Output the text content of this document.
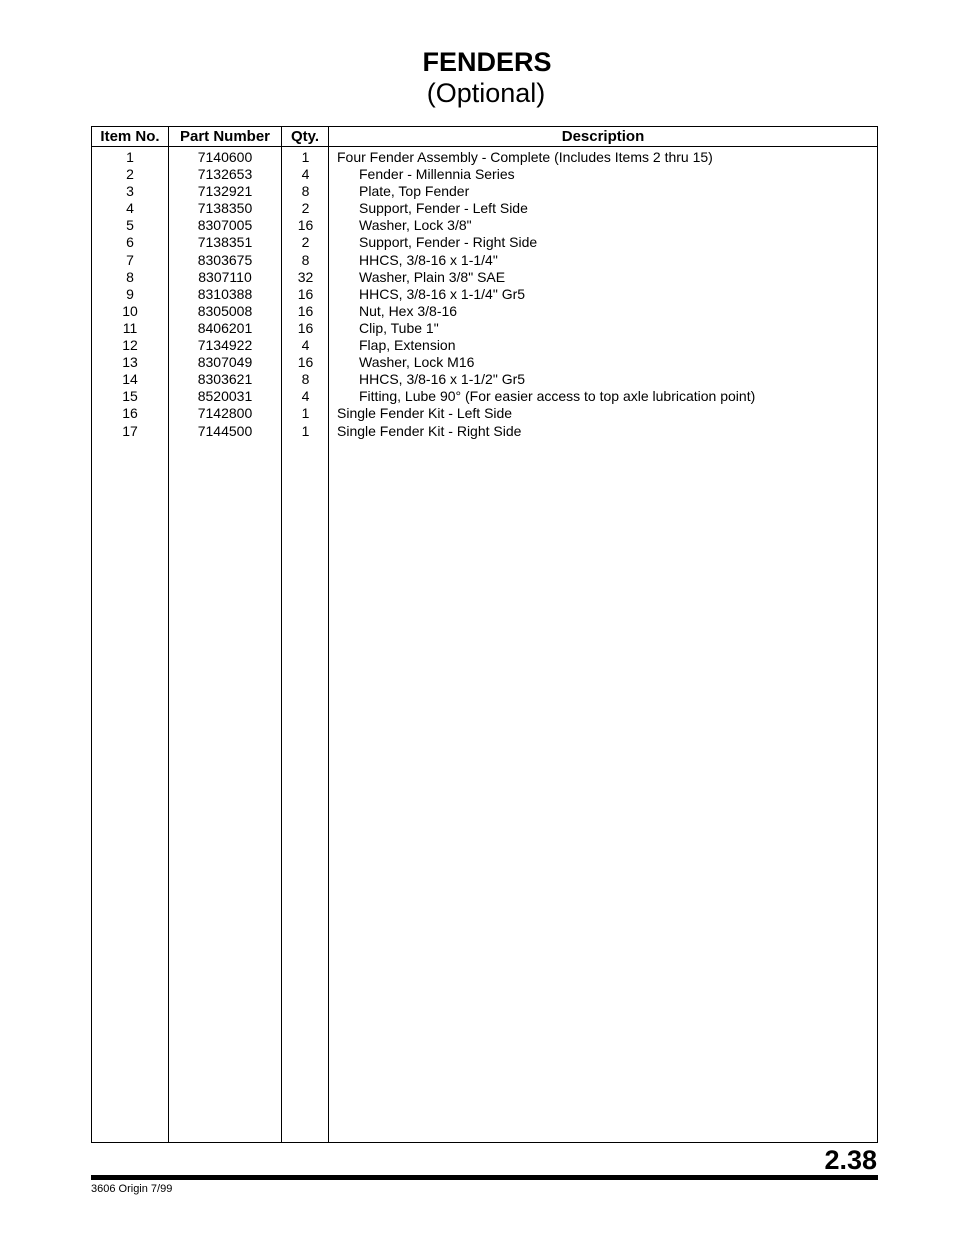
FENDERS
(Optional)
Item No.	Part Number	Qty.	Description
1	7140600	1	Four Fender Assembly - Complete (Includes Items 2 thru 15)
2	7132653	4	Fender - Millennia Series
3	7132921	8	Plate, Top Fender
4	7138350	2	Support, Fender - Left Side
5	8307005	16	Washer, Lock 3/8"
6	7138351	2	Support, Fender - Right Side
7	8303675	8	HHCS, 3/8-16 x 1-1/4"
8	8307110	32	Washer, Plain 3/8" SAE
9	8310388	16	HHCS, 3/8-16 x 1-1/4" Gr5
10	8305008	16	Nut, Hex 3/8-16
11	8406201	16	Clip, Tube 1"
12	7134922	4	Flap, Extension
13	8307049	16	Washer, Lock M16
14	8303621	8	HHCS, 3/8-16 x 1-1/2" Gr5
15	8520031	4	Fitting, Lube 90° (For easier access to top axle lubrication point)
16	7142800	1	Single Fender Kit - Left Side
17	7144500	1	Single Fender Kit - Right Side
2.38
3606 Origin 7/99
